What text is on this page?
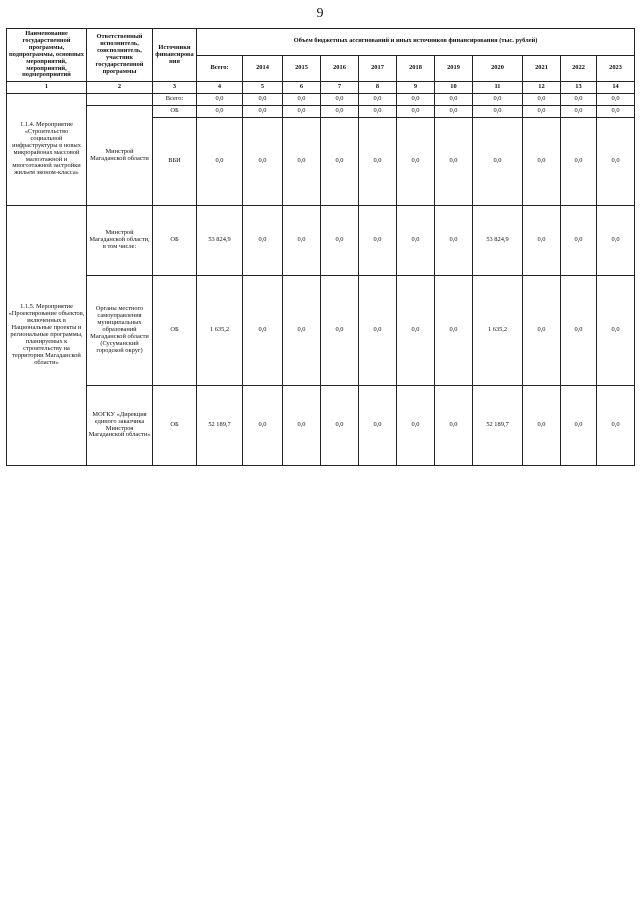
9
Наименование государственной программы, подпрограммы, основных мероприятий, мероприятий, подмероприятий	Ответственный исполнитель, соисполнитель, участник государственной программы	Источники финансирова ния	Объем бюджетных ассигнований и иных источников финансирования (тыс. рублей)										
			Всего:	2014	2015	2016	2017	2018	2019	2020	2021	2022	2023
1	2	3	4	5	6	7	8	9	10	11	12	13	14
1.1.4. Мероприятие «Строительство социальной инфраструктуры в новых микрорайонах массовой малоэтажной и многоэтажной застройки жильем эконом-класса»		Всего:	0,0	0,0	0,0	0,0	0,0	0,0	0,0	0,0	0,0	0,0	0,0
	Минстрой Магаданской области	ОБ	0,0	0,0	0,0	0,0	0,0	0,0	0,0	0,0	0,0	0,0	0,0
		ВБИ	0,0	0,0	0,0	0,0	0,0	0,0	0,0	0,0	0,0	0,0	0,0
1.1.5. Мероприятие «Проектирование объектов, включенных в Национальные проекты и региональные программы, планируемых к строительству на территории Магаданской области»	Минстрой Магаданской области, в том числе:	ОБ	53 824,9	0,0	0,0	0,0	0,0	0,0	0,0	53 824,9	0,0	0,0	0,0
	Органы местного самоуправления муниципальных образований Магаданской области (Сусуманский городской округ)	ОБ	1 635,2	0,0	0,0	0,0	0,0	0,0	0,0	1 635,2	0,0	0,0	0,0
	МОГКУ «Дирекция единого заказчика Минстроя Магаданской области»	ОБ	52 189,7	0,0	0,0	0,0	0,0	0,0	0,0	52 189,7	0,0	0,0	0,0
